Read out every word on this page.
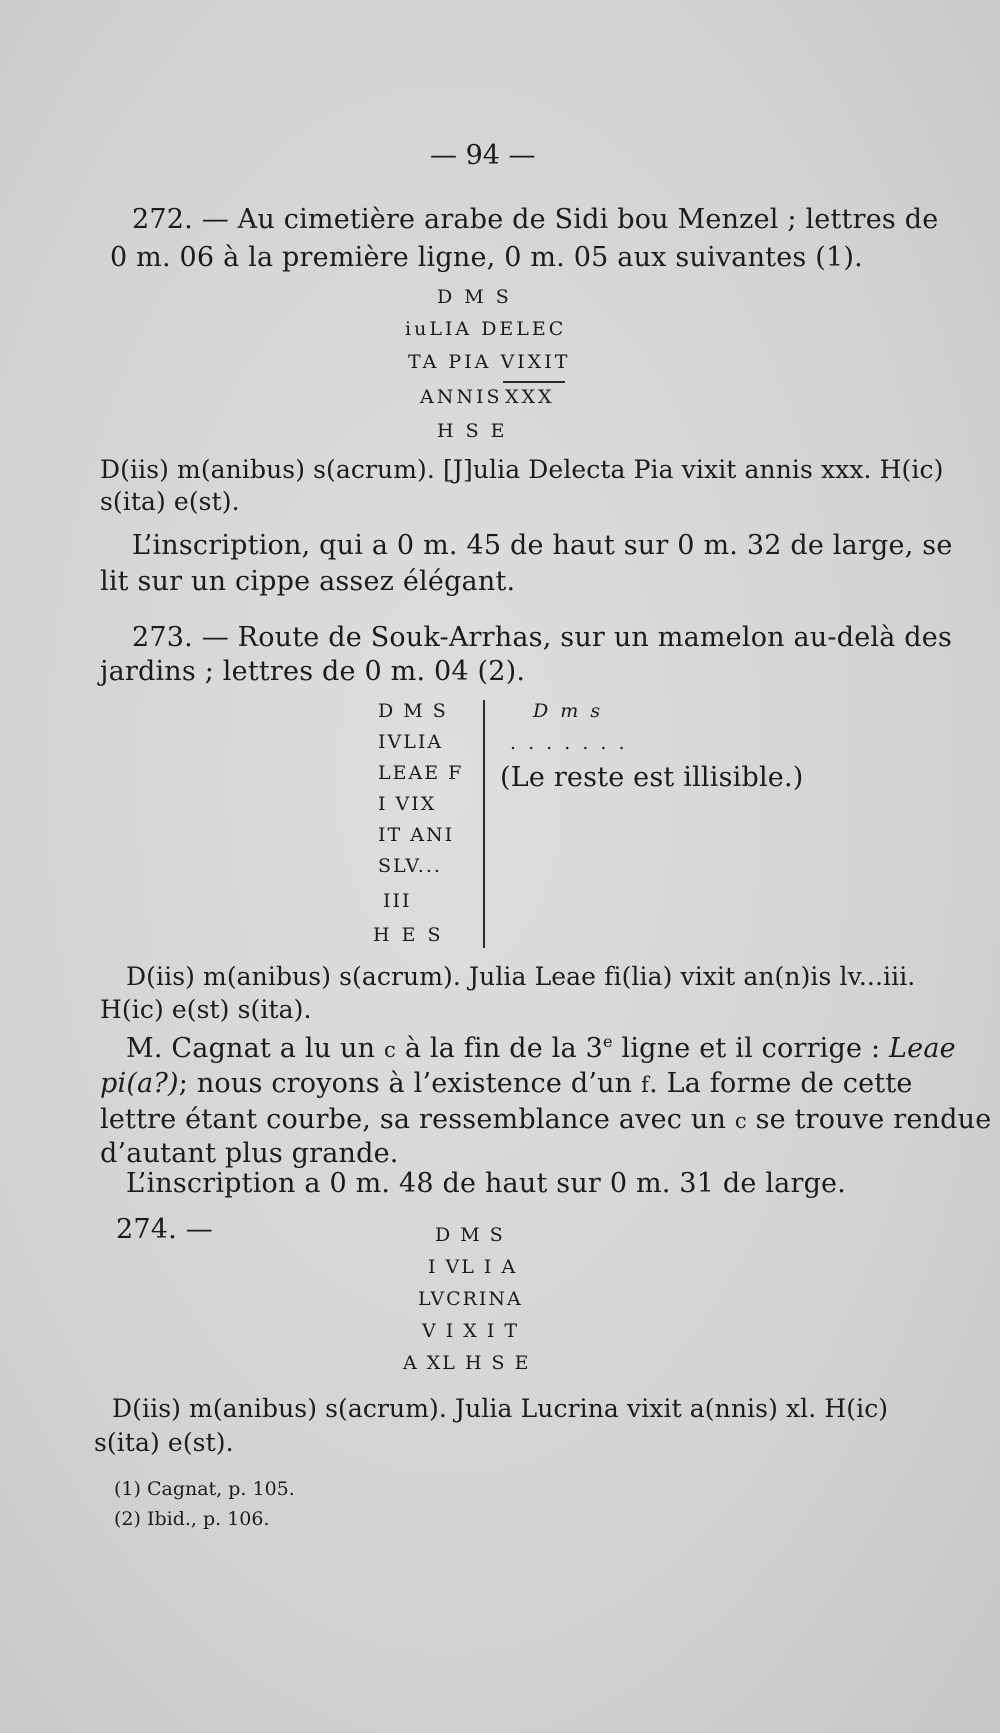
— 94 —
272. — Au cimetière arabe de Sidi bou Menzel ; lettres de
0 m. 06 à la première ligne, 0 m. 05 aux suivantes (1).
D M S
iuLIA DELEC
TA PIA VIXIT
ANNIS XXX
H S E
D(iis) m(anibus) s(acrum). [J]ulia Delecta Pia vixit annis xxx. H(ic)
s(ita) e(st).
L’inscription, qui a 0 m. 45 de haut sur 0 m. 32 de large, se
lit sur un cippe assez élégant.
273. — Route de Souk-Arrhas, sur un mamelon au-delà des
jardins ; lettres de 0 m. 04 (2).
D M S
IVLIA
LEAE F
I VIX
IT ANI
SLV...
III
H E S
D m s
. . . . . . .
(Le reste est illisible.)
D(iis) m(anibus) s(acrum). Julia Leae fi(lia) vixit an(n)is lv...iii.
H(ic) e(st) s(ita).
M. Cagnat a lu un c à la fin de la 3e ligne et il corrige : Leae
pi(a?); nous croyons à l’existence d’un f. La forme de cette
lettre étant courbe, sa ressemblance avec un c se trouve rendue
d’autant plus grande.
L’inscription a 0 m. 48 de haut sur 0 m. 31 de large.
274. —	D M S
I VL I A
LVCRINA
V I X I T
A XL H S E
D(iis) m(anibus) s(acrum). Julia Lucrina vixit a(nnis) xl. H(ic)
s(ita) e(st).
(1) Cagnat, p. 105.
(2) Ibid., p. 106.
